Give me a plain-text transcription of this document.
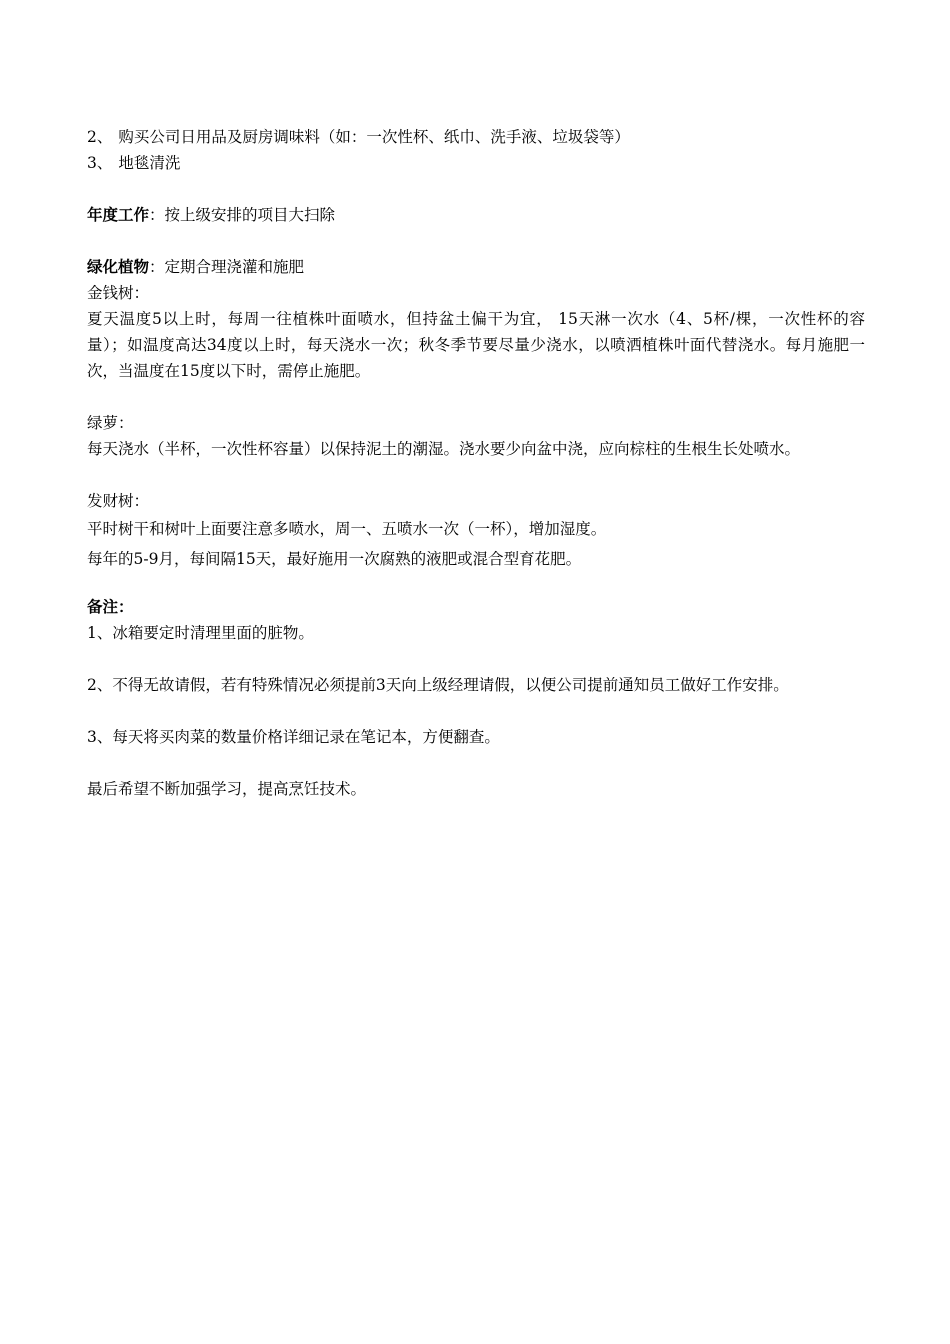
2、 购买公司日用品及厨房调味料（如：一次性杯、纸巾、洗手液、垃圾袋等）

3、 地毯清洗

年度工作：按上级安排的项目大扫除

绿化植物：定期合理浇灌和施肥

金钱树：

夏天温度5以上时，每周一往植株叶面喷水，但持盆土偏干为宜， 15天淋一次水（4、5杯/棵，一次性杯的容量）；如温度高达34度以上时，每天浇水一次；秋冬季节要尽量少浇水，以喷洒植株叶面代替浇水。每月施肥一次，当温度在15度以下时，需停止施肥。

绿萝：

每天浇水（半杯，一次性杯容量）以保持泥土的潮湿。浇水要少向盆中浇，应向棕柱的生根生长处喷水。

发财树：

平时树干和树叶上面要注意多喷水，周一、五喷水一次（一杯），增加湿度。

每年的5-9月，每间隔15天，最好施用一次腐熟的液肥或混合型育花肥。

备注：

1、冰箱要定时清理里面的脏物。

2、不得无故请假，若有特殊情况必须提前3天向上级经理请假，以便公司提前通知员工做好工作安排。

3、每天将买肉菜的数量价格详细记录在笔记本，方便翻查。

最后希望不断加强学习，提高烹饪技术。
